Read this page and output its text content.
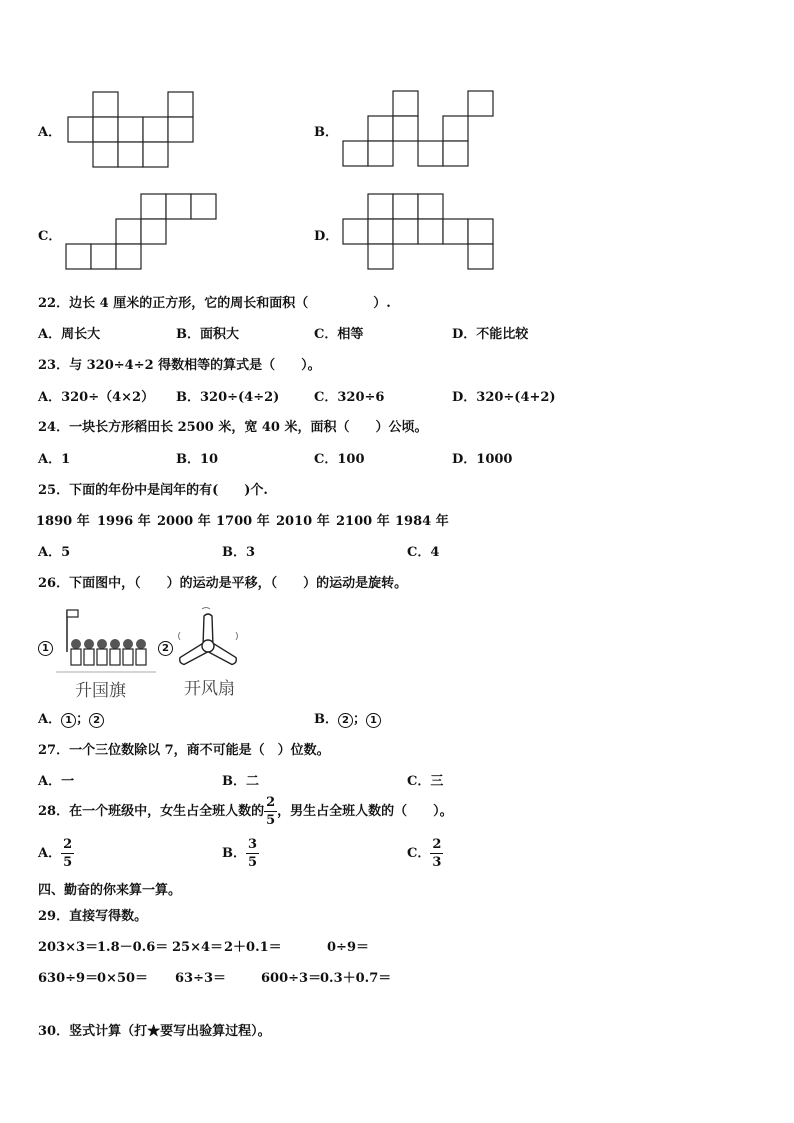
A．	B．
C．	D．
22．边长 4 厘米的正方形，它的周长和面积（　　　　　）.
A．周长大	B．面积大	C．相等	D．不能比较
23．与 320÷4÷2 得数相等的算式是（　　）。
A．320÷（4×2） B．320÷(4÷2)	C．320÷6	D．320÷(4+2)
24．一块长方形稻田长 2500 米，宽 40 米，面积（　　）公顷。
A．1	B．10	C．100	D．1000
25．下面的年份中是闰年的有(　　)个.
1890 年 1996 年 2000 年 1700 年 2010 年 2100 年 1984 年
A．5	B．3	C．4
26．下面图中，（　　）的运动是平移，（　　）的运动是旋转。
1
升国旗
2
开风扇
A． 1 ； 2	B． 2 ； 1
27．一个三位数除以 7，商不可能是（　）位数。
A．一	B．二	C．三
28．在一个班级中，女生占全班人数的 $\frac{2}{5}$ ，男生占全班人数的（　　）。
A． $\frac{2}{5}$	B． $\frac{3}{5}$	C． $\frac{2}{3}$
四、勤奋的你来算一算。
29．直接写得数。
203×3＝
1.8－0.6＝ 25×4＝ 2＋0.1＝	0÷9＝
630÷9＝
0×50＝ 63÷3＝	600÷3＝
0.3＋0.7＝
30．竖式计算（打★要写出验算过程）。
